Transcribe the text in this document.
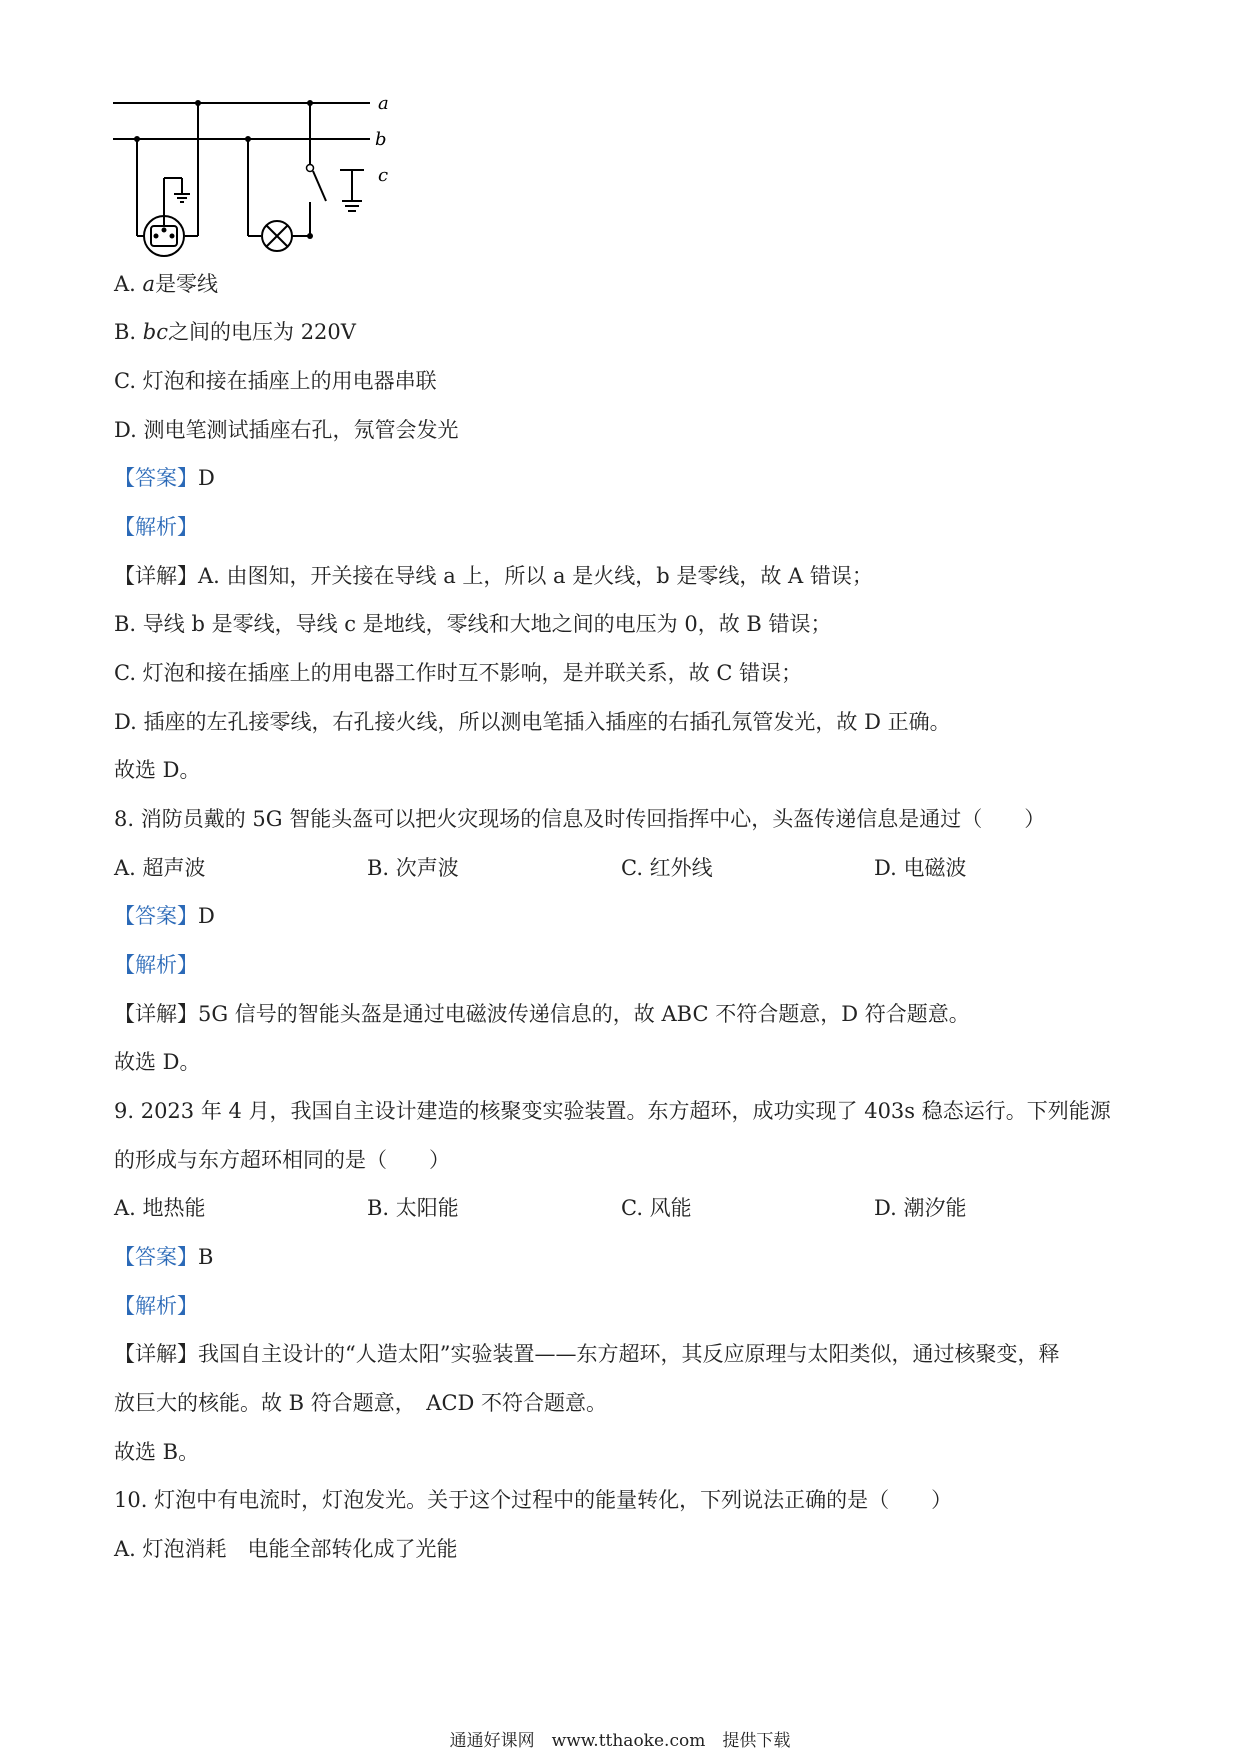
a
b
c
A. a是零线
B. bc之间的电压为 220V
C. 灯泡和接在插座上的用电器串联
D. 测电笔测试插座右孔，氖管会发光
【答案】D
【解析】
【详解】A. 由图知，开关接在导线 a 上，所以 a 是火线，b 是零线，故 A 错误；
B. 导线 b 是零线，导线 c 是地线，零线和大地之间的电压为 0，故 B 错误；
C. 灯泡和接在插座上的用电器工作时互不影响，是并联关系，故 C 错误；
D. 插座的左孔接零线，右孔接火线，所以测电笔插入插座的右插孔氖管发光，故 D 正确。
故选 D。
8. 消防员戴的 5G 智能头盔可以把火灾现场的信息及时传回指挥中心，头盔传递信息是通过（　　）
A. 超声波	B. 次声波	C. 红外线	D. 电磁波
【答案】D
【解析】
【详解】5G 信号的智能头盔是通过电磁波传递信息的，故 ABC 不符合题意，D 符合题意。
故选 D。
9. 2023 年 4 月，我国自主设计建造的核聚变实验装置。东方超环，成功实现了 403s 稳态运行。下列能源
的形成与东方超环相同的是（　　）
A. 地热能	B. 太阳能	C. 风能	D. 潮汐能
【答案】B
【解析】
【详解】我国自主设计的“人造太阳”实验装置——东方超环，其反应原理与太阳类似，通过核聚变，释
放巨大的核能。故 B 符合题意，　ACD 不符合题意。
故选 B。
10. 灯泡中有电流时，灯泡发光。关于这个过程中的能量转化，下列说法正确的是（　　）
A. 灯泡消耗　电能全部转化成了光能
通通好课网　www.tthaoke.com　提供下载
